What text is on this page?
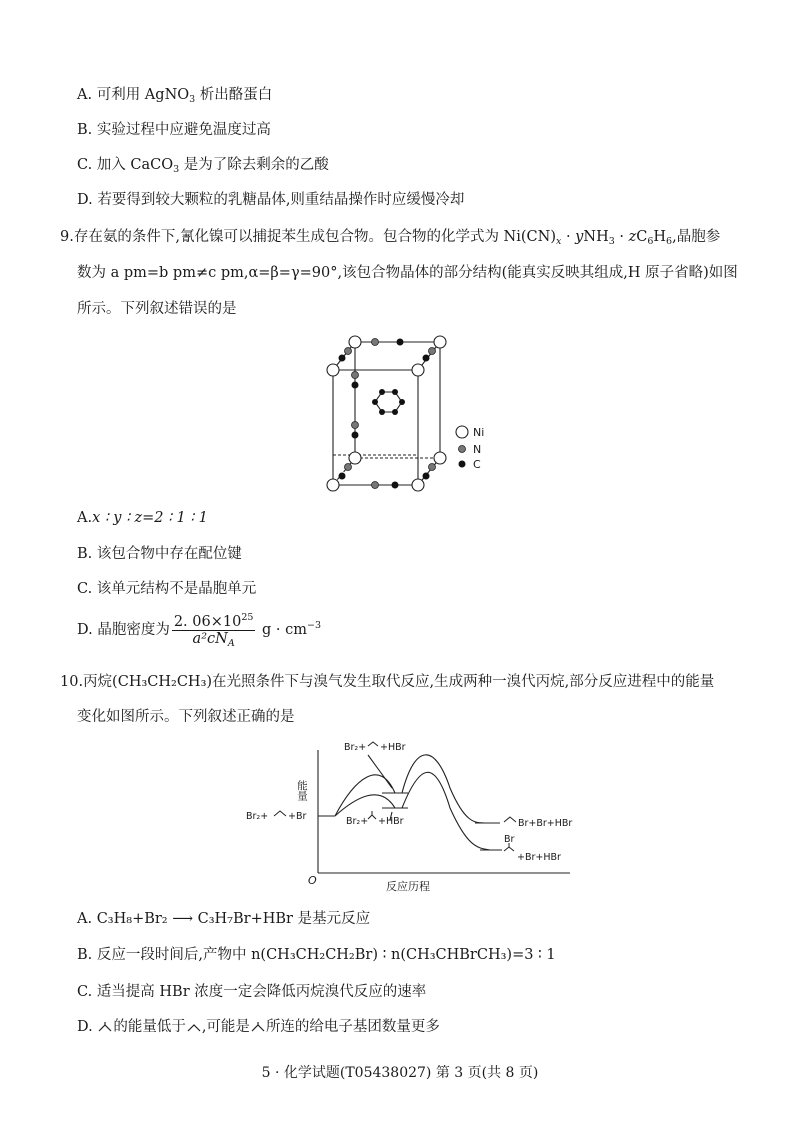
A. 可利用 AgNO$_3$ 析出酪蛋白
B. 实验过程中应避免温度过高
C. 加入 CaCO$_3$ 是为了除去剩余的乙酸
D. 若要得到较大颗粒的乳糖晶体,则重结晶操作时应缓慢冷却
9.存在氨的条件下,氰化镍可以捕捉苯生成包合物。包合物的化学式为 $Ni(CN)_x \cdot yNH_3 \cdot zC_6H_6$,晶胞参
数为 a pm=b pm≠c pm,α=β=γ=90°,该包合物晶体的部分结构(能真实反映其组成,H 原子省略)如图
所示。下列叙述错误的是
Ni
N
C
A.x ∶ y ∶ z=2 ∶ 1 ∶ 1
B. 该包合物中存在配位键
C. 该单元结构不是晶胞单元
D. 晶胞密度为 $\frac{2. 06\times 10^{25}}{a^2cN_A}$ $g \cdot cm^{-3}$
10.丙烷(CH₃CH₂CH₃)在光照条件下与溴气发生取代反应,生成两种一溴代丙烷,部分反应进程中的能量
变化如图所示。下列叙述正确的是
能量
O	反应历程
Br₂+ +Br
Br₂+ +HBr
Br₂+ +HBr	Br+Br+HBr
Br
+Br+HBr
A. C₃H₈+Br₂ ⟶ C₃H₇Br+HBr 是基元反应
B. 反应一段时间后,产物中 n(CH₃CH₂CH₂Br) ∶ n(CH₃CHBrCH₃)=3 ∶ 1
C. 适当提高 HBr 浓度一定会降低丙烷溴代反应的速率
D. 的能量低于 ,可能是 所连的给电子基团数量更多
5 · 化学试题(T05438027) 第 3 页(共 8 页)
